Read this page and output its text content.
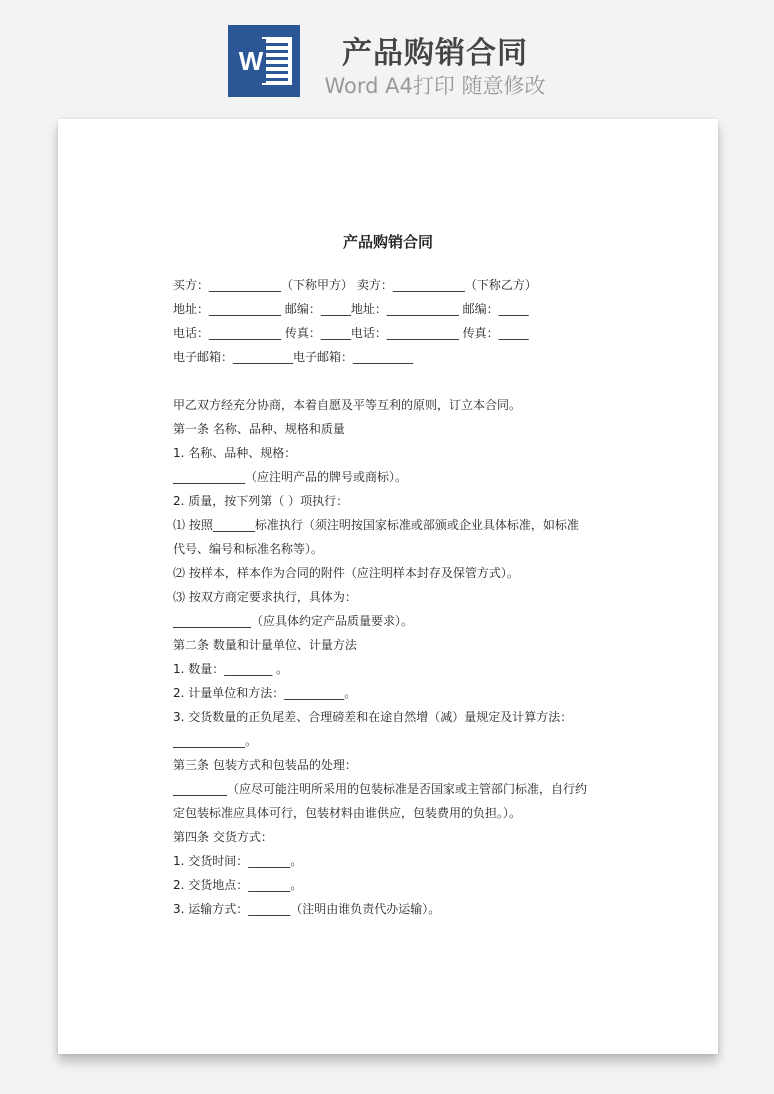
W	产品购销合同
Word A4打印 随意修改
产品购销合同
买方：____________（下称甲方） 卖方：____________（下称乙方）
地址：____________ 邮编：_____地址：____________ 邮编：_____
电话：____________ 传真：_____电话：____________ 传真：_____
电子邮箱：__________电子邮箱：__________
甲乙双方经充分协商，本着自愿及平等互利的原则，订立本合同。
第一条 名称、品种、规格和质量
1. 名称、品种、规格：
____________（应注明产品的牌号或商标）。
2. 质量，按下列第（ ）项执行：
⑴ 按照_______标准执行（须注明按国家标准或部颁或企业具体标准，如标准
代号、编号和标准名称等）。
⑵ 按样本，样本作为合同的附件（应注明样本封存及保管方式）。
⑶ 按双方商定要求执行，具体为：
_____________（应具体约定产品质量要求）。
第二条 数量和计量单位、计量方法
1. 数量：________ 。
2. 计量单位和方法：__________。
3. 交货数量的正负尾差、合理磅差和在途自然增（减）量规定及计算方法：
____________。
第三条 包装方式和包装品的处理：
_________（应尽可能注明所采用的包装标准是否国家或主管部门标准，自行约
定包装标准应具体可行，包装材料由谁供应，包装费用的负担。）。
第四条 交货方式：
1. 交货时间：_______。
2. 交货地点：_______。
3. 运输方式：_______（注明由谁负责代办运输）。
